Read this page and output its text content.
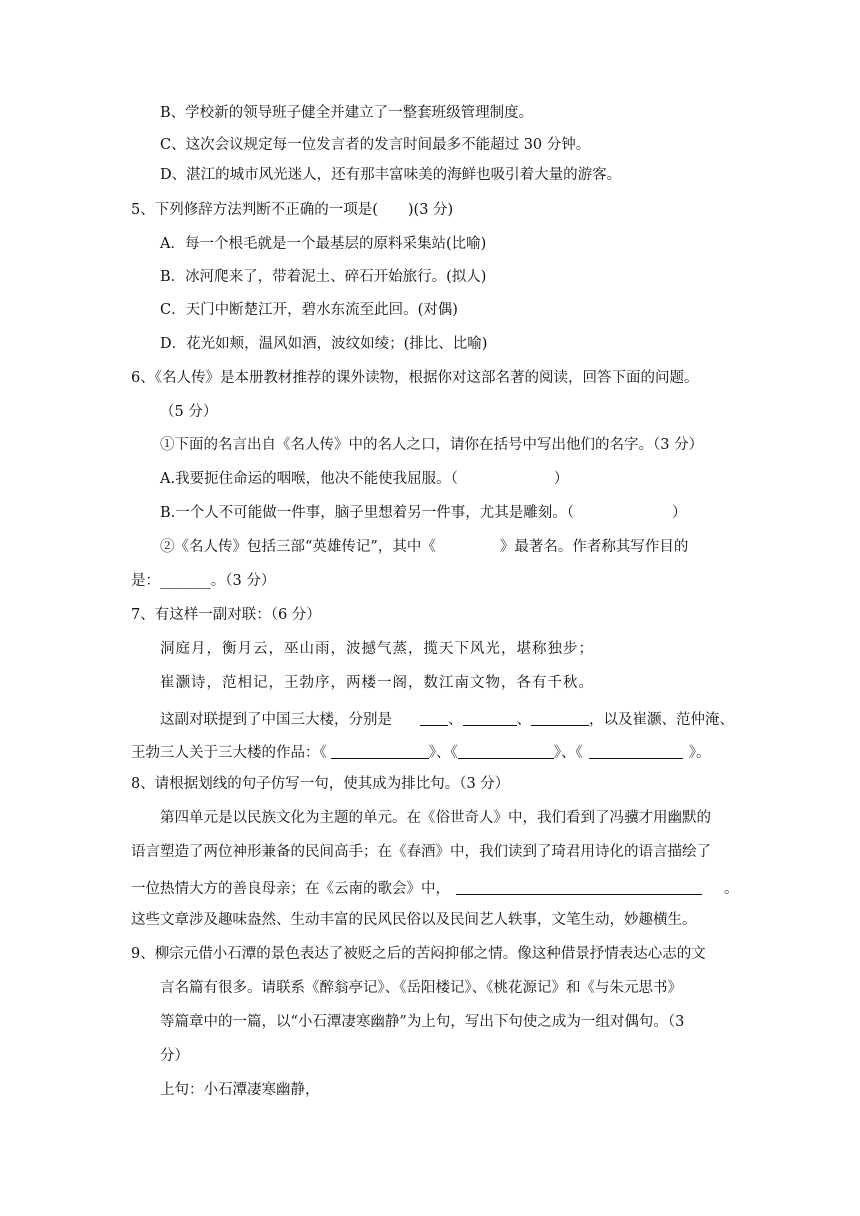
B、学校新的领导班子健全并建立了一整套班级管理制度。
C、这次会议规定每一位发言者的发言时间最多不能超过 30 分钟。
D、湛江的城市风光迷人，还有那丰富味美的海鲜也吸引着大量的游客。
5、下列修辞方法判断不正确的一项是( )(3 分)
A．每一个根毛就是一个最基层的原料采集站(比喻)
B．冰河爬来了，带着泥土、碎石开始旅行。(拟人)
C．天门中断楚江开，碧水东流至此回。(对偶)
D．花光如颊，温风如酒，波纹如绫；(排比、比喻)
6、《名人传》是本册教材推荐的课外读物，根据你对这部名著的阅读，回答下面的问题。
（5 分）
①下面的名言出自《名人传》中的名人之口，请你在括号中写出他们的名字。（3 分）
A.我要扼住命运的咽喉，他决不能使我屈服。（	）
B.一个人不可能做一件事，脑子里想着另一件事，尤其是雕刻。（	）
②《名人传》包括三部“英雄传记”，其中《	》最著名。作者称其写作目的
是：_______。（3 分）
7、有这样一副对联：（6 分）
洞庭月，衡月云，巫山雨，波撼气蒸，揽天下风光，堪称独步；
崔灏诗，范相记，王勃序，两楼一阁，数江南文物，各有千秋。
这副对联提到了中国三大楼，分别是	、	、	，以及崔灏、范仲淹、
王勃三人关于三大楼的作品：《	》、《	》、《	》。
8、请根据划线的句子仿写一句，使其成为排比句。（3 分）
第四单元是以民族文化为主题的单元。在《俗世奇人》中，我们看到了冯骥才用幽默的
语言塑造了两位神形兼备的民间高手；在《春酒》中，我们读到了琦君用诗化的语言描绘了
一位热情大方的善良母亲；在《云南的歌会》中，	。
这些文章涉及趣味盎然、生动丰富的民风民俗以及民间艺人轶事，文笔生动，妙趣横生。
9、柳宗元借小石潭的景色表达了被贬之后的苦闷抑郁之情。像这种借景抒情表达心志的文
言名篇有很多。请联系《醉翁亭记》、《岳阳楼记》、《桃花源记》和《与朱元思书》
等篇章中的一篇，以“小石潭凄寒幽静”为上句，写出下句使之成为一组对偶句。（3
分）
上句：小石潭凄寒幽静，
